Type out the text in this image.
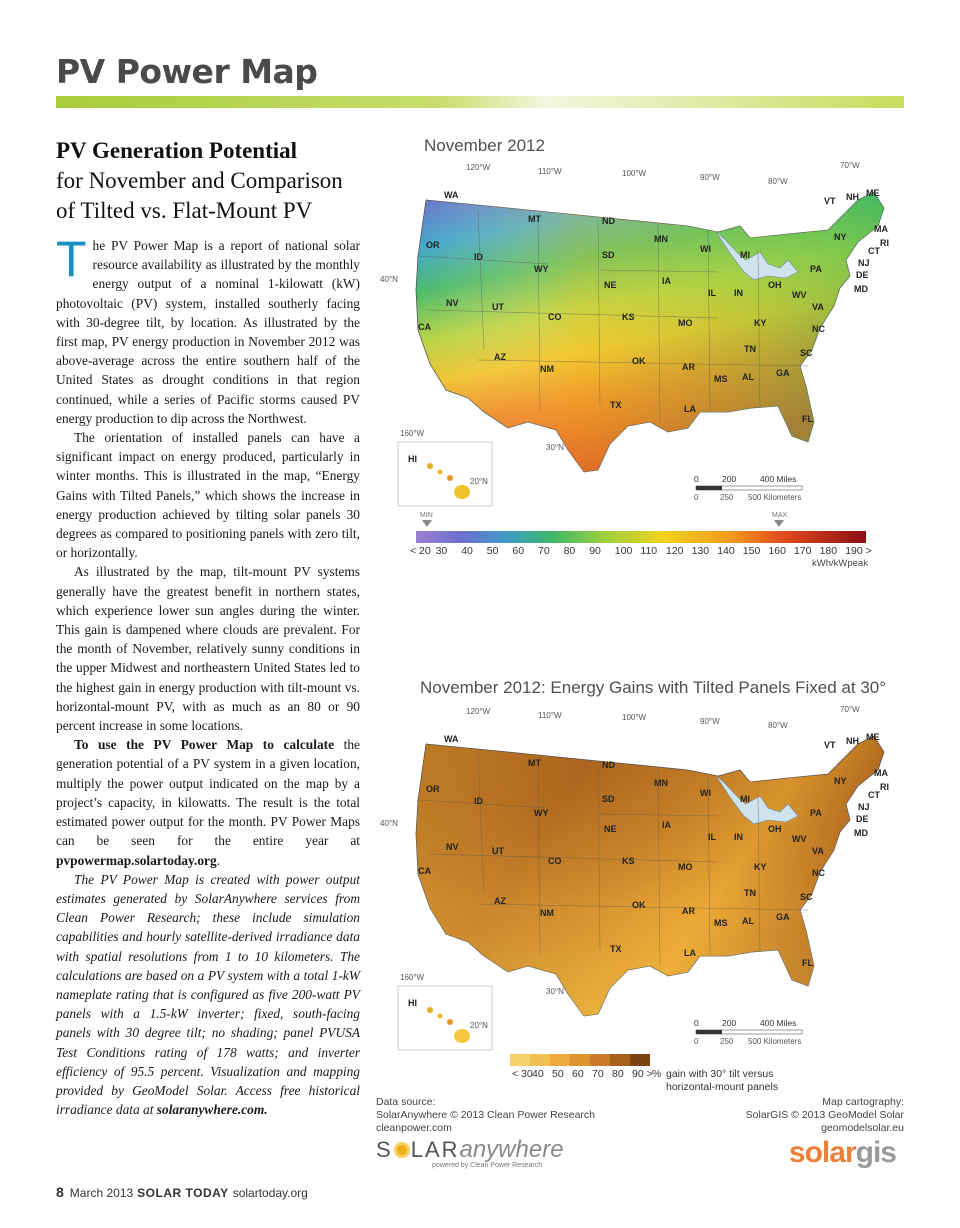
PV Power Map
PV Generation Potential
for November and Comparison of Tilted vs. Flat-Mount PV

The PV Power Map is a report of national solar resource availability as illustrated by the monthly energy output of a nominal 1-kilowatt (kW) photovoltaic (PV) system, installed southerly facing with 30-degree tilt, by location. As illustrated by the first map, PV energy production in November 2012 was above-average across the entire southern half of the United States as drought conditions in that region continued, while a series of Pacific storms caused PV energy production to dip across the Northwest.

The orientation of installed panels can have a significant impact on energy produced, particularly in winter months. This is illustrated in the map, “Energy Gains with Tilted Panels,” which shows the increase in energy production achieved by tilting solar panels 30 degrees as compared to positioning panels with zero tilt, or horizontally.

As illustrated by the map, tilt-mount PV systems generally have the greatest benefit in northern states, which experience lower sun angles during the winter. This gain is dampened where clouds are prevalent. For the month of November, relatively sunny conditions in the upper Midwest and northeastern United States led to the highest gain in energy production with tilt-mount vs. horizontal-mount PV, with as much as an 80 or 90 percent increase in some locations.

To use the PV Power Map to calculate the generation potential of a PV system in a given location, multiply the power output indicated on the map by a project’s capacity, in kilowatts. The result is the total estimated power output for the month. PV Power Maps can be seen for the entire year at pvpowermap.solartoday.org.

The PV Power Map is created with power output estimates generated by SolarAnywhere services from Clean Power Research; these include simulation capabilities and hourly satellite-derived irradiance data with spatial resolutions from 1 to 10 kilometers. The calculations are based on a PV system with a total 1-kW nameplate rating that is configured as five 200-watt PV panels with a 1.5-kW inverter; fixed, south-facing panels with 30 degree tilt; no shading; panel PVUSA Test Conditions rating of 178 watts; and inverter efficiency of 95.5 percent. Visualization and mapping provided by GeoModel Solar. Access free historical irradiance data at solaranywhere.com.

November 2012
WA
OR
CA
ID
NV
MT
WY
UT
CO
AZ
NM
ND
SD
NE
KS
OK
TX
MN
IA
MO
AR
LA
WI
IL
MS
MI
IN
KY
TN
AL
OH
GA
FL
SC
NC
VA
WV
PA
NY
VT NH ME
MA
RI
CT
NJ
DE
MD
HI
0	200	400 Miles
0	250 500 Kilometers
40°N
30°N
20°N
120°W	110°W	100°W	90°W	80°W
70°W
160°W
MIN	MAX
< 20 30 40 50 60 70 80 90 100 110 120 130 140 150 160 170 180 190 >
kWh/kWpeak
November 2012: Energy Gains with Tilted Panels Fixed at 30°
WA
OR
CA
ID
NV
MT
WY
UT
CO
AZ
NM
ND
SD
NE
KS
OK
TX
MN
IA
MO
AR
LA
WI
IL
MS
MI
IN
KY
TN
AL
OH
GA
FL
SC
NC
VA
WV
PA
NY
VT NH ME
MA
RI
CT
NJ
DE
MD
HI
0	200	400 Miles
0	250 500 Kilometers
40°N
30°N
20°N
120°W	110°W	100°W	90°W	80°W
70°W
160°W
< 30 40 50 60 70 80 90 > % gain with 30° tilt versus
horizontal-mount panels
Data source:
SolarAnywhere © 2013 Clean Power Research
cleanpower.com
Map cartography:
SolarGIS © 2013 GeoModel Solar
geomodelsolar.eu
S LARanywhere
powered by Clean Power Research	solargis
8 March 2013 SOLAR TODAY solartoday.org
